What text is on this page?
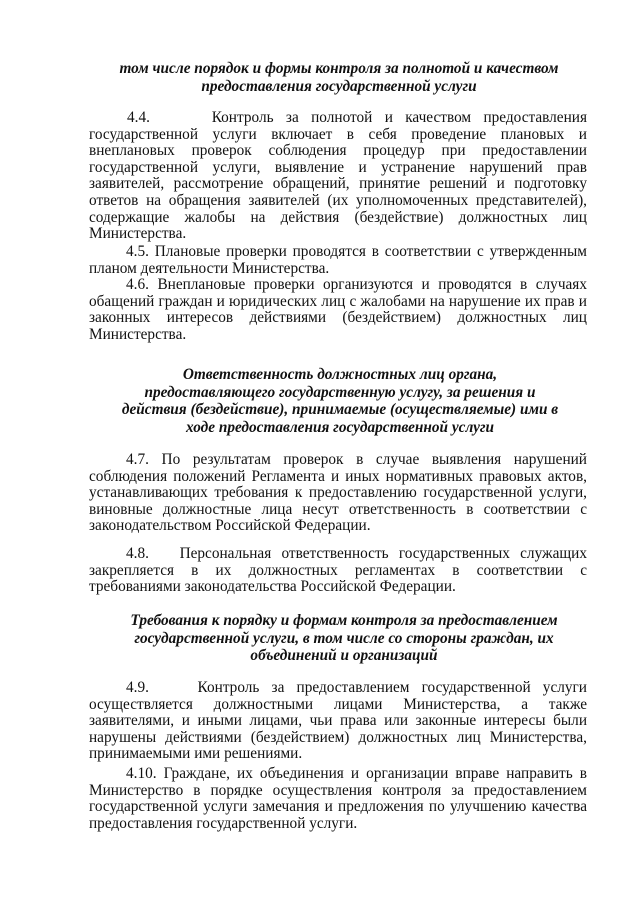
том числе порядок и формы контроля за полнотой и качеством предоставления государственной услуги

4.4.     Контроль за полнотой и качеством предоставления государственной услуги включает в себя проведение плановых и внеплановых проверок соблюдения процедур при предоставлении государственной услуги, выявление и устранение нарушений прав заявителей, рассмотрение обращений, принятие решений и подготовку ответов на обращения заявителей (их уполномоченных представителей), содержащие жалобы на действия (бездействие) должностных лиц Министерства.

4.5. Плановые проверки проводятся в соответствии с утвержденным планом деятельности Министерства.

4.6. Внеплановые проверки организуются и проводятся в случаях обащений граждан и юридических лиц с жалобами на нарушение их прав и законных интересов действиями (бездействием) должностных лиц Министерства.

Ответственность должностных лиц органа, предоставляющего государственную услугу, за решения и действия (бездействие), принимаемые (осуществляемые) ими в ходе предоставления государственной услуги

4.7. По результатам проверок в случае выявления нарушений соблюдения положений Регламента и иных нормативных правовых актов, устанавливающих требования к предоставлению государственной услуги, виновные должностные лица несут ответственность в соответствии с законодательством Российской Федерации.

4.8.   Персональная ответственность государственных служащих закрепляется в их должностных регламентах в соответствии с требованиями законодательства Российской Федерации.

Требования к порядку и формам контроля за предоставлением государственной услуги, в том числе со стороны граждан, их объединений и организаций

4.9.    Контроль за предоставлением государственной услуги осуществляется должностными лицами Министерства, а также заявителями, и иными лицами, чьи права или законные интересы были нарушены действиями (бездействием) должностных лиц Министерства, принимаемыми ими решениями.

4.10. Граждане, их объединения и организации вправе направить в Министерство в порядке осуществления контроля за предоставлением государственной услуги замечания и предложения по улучшению качества предоставления государственной услуги.
